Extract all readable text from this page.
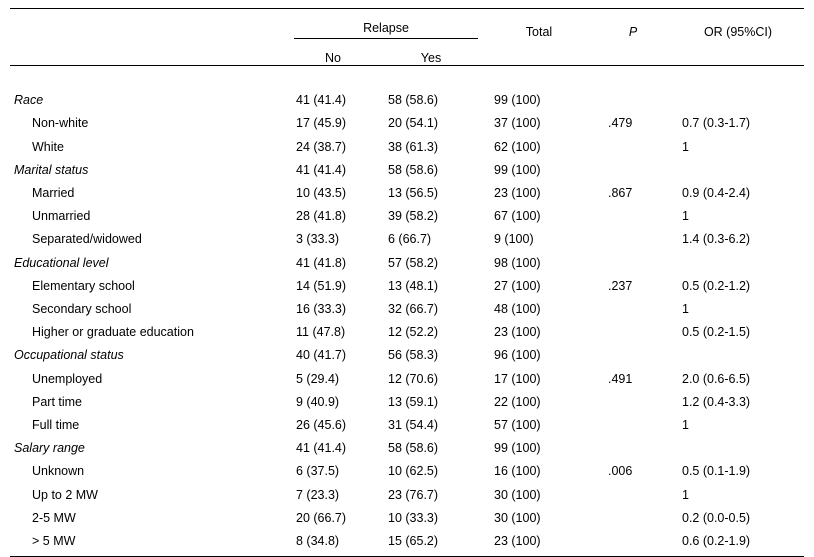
	Relapse		Total	P	OR (95%CI)
	No	Yes			

Race	41 (41.4)	58 (58.6)	99 (100)		
Non-white	17 (45.9)	20 (54.1)	37 (100)	.479	0.7 (0.3-1.7)
White	24 (38.7)	38 (61.3)	62 (100)		1
Marital status	41 (41.4)	58 (58.6)	99 (100)		
Married	10 (43.5)	13 (56.5)	23 (100)	.867	0.9 (0.4-2.4)
Unmarried	28 (41.8)	39 (58.2)	67 (100)		1
Separated/widowed	3 (33.3)	6 (66.7)	9 (100)		1.4 (0.3-6.2)
Educational level	41 (41.8)	57 (58.2)	98 (100)		
Elementary school	14 (51.9)	13 (48.1)	27 (100)	.237	0.5 (0.2-1.2)
Secondary school	16 (33.3)	32 (66.7)	48 (100)		1
Higher or graduate education	11 (47.8)	12 (52.2)	23 (100)		0.5 (0.2-1.5)
Occupational status	40 (41.7)	56 (58.3)	96 (100)		
Unemployed	5 (29.4)	12 (70.6)	17 (100)	.491	2.0 (0.6-6.5)
Part time	9 (40.9)	13 (59.1)	22 (100)		1.2 (0.4-3.3)
Full time	26 (45.6)	31 (54.4)	57 (100)		1
Salary range	41 (41.4)	58 (58.6)	99 (100)		
Unknown	6 (37.5)	10 (62.5)	16 (100)	.006	0.5 (0.1-1.9)
Up to 2 MW	7 (23.3)	23 (76.7)	30 (100)		1
2-5 MW	20 (66.7)	10 (33.3)	30 (100)		0.2 (0.0-0.5)
> 5 MW	8 (34.8)	15 (65.2)	23 (100)		0.6 (0.2-1.9)
